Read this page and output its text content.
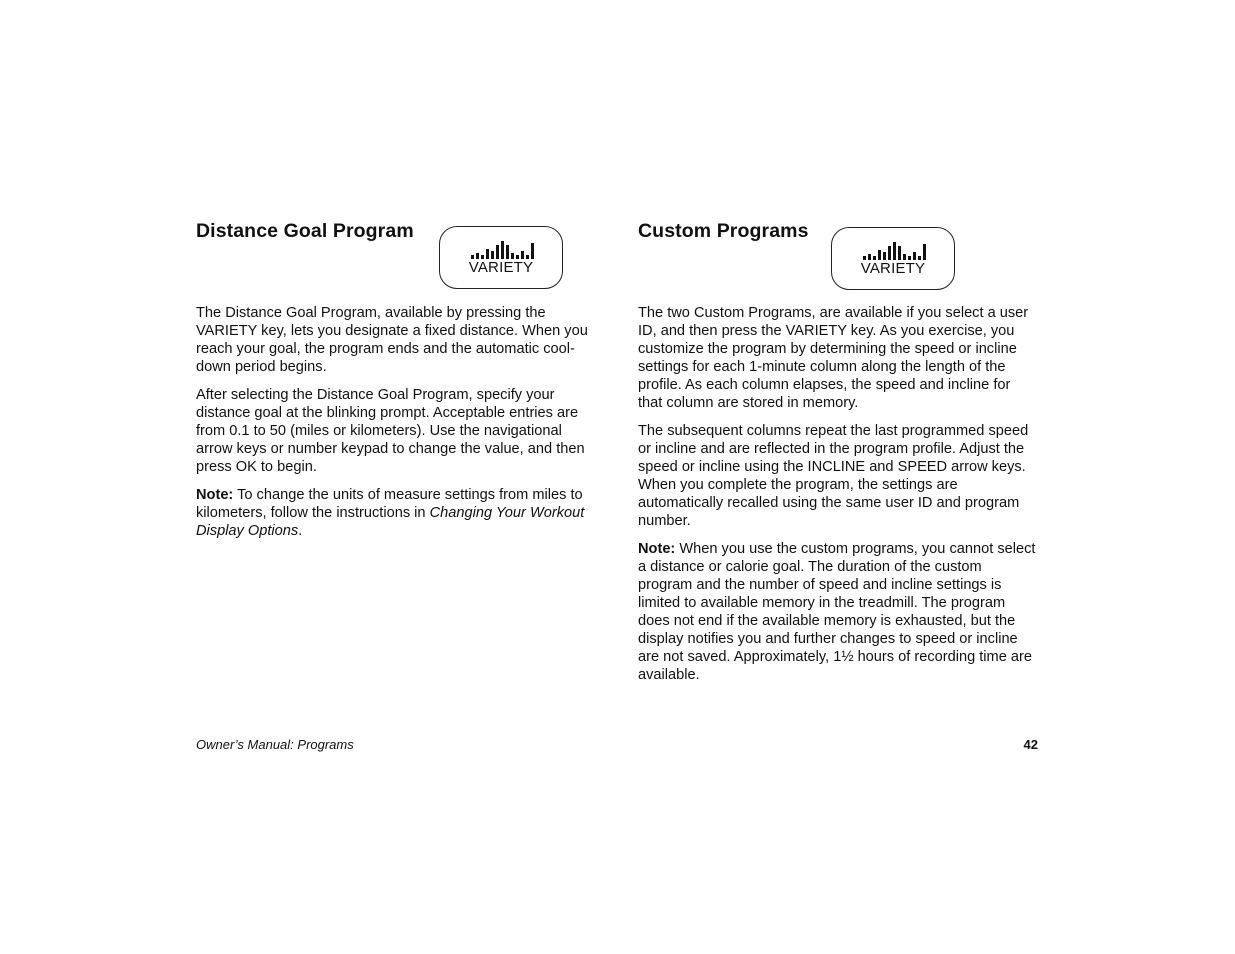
Distance Goal Program
VARIETY

The Distance Goal Program, available by pressing the VARIETY key, lets you designate a fixed distance. When you reach your goal, the program ends and the automatic cool-down period begins.

After selecting the Distance Goal Program, specify your distance goal at the blinking prompt. Acceptable entries are from 0.1 to 50 (miles or kilometers). Use the navigational arrow keys or number keypad to change the value, and then press OK to begin.

Note: To change the units of measure settings from miles to kilometers, follow the instructions in Changing Your Workout Display Options.

Custom Programs
VARIETY

The two Custom Programs, are available if you select a user ID, and then press the VARIETY key. As you exercise, you customize the program by determining the speed or incline settings for each 1-minute column along the length of the profile. As each column elapses, the speed and incline for that column are stored in memory.

The subsequent columns repeat the last programmed speed or incline and are reflected in the program profile. Adjust the speed or incline using the INCLINE and SPEED arrow keys. When you complete the program, the settings are automatically recalled using the same user ID and program number.

Note: When you use the custom programs, you cannot select a distance or calorie goal. The duration of the custom program and the number of speed and incline settings is limited to available memory in the treadmill. The program does not end if the available memory is exhausted, but the display notifies you and further changes to speed or incline are not saved. Approximately, 1½ hours of recording time are available.

Owner’s Manual: Programs	42
